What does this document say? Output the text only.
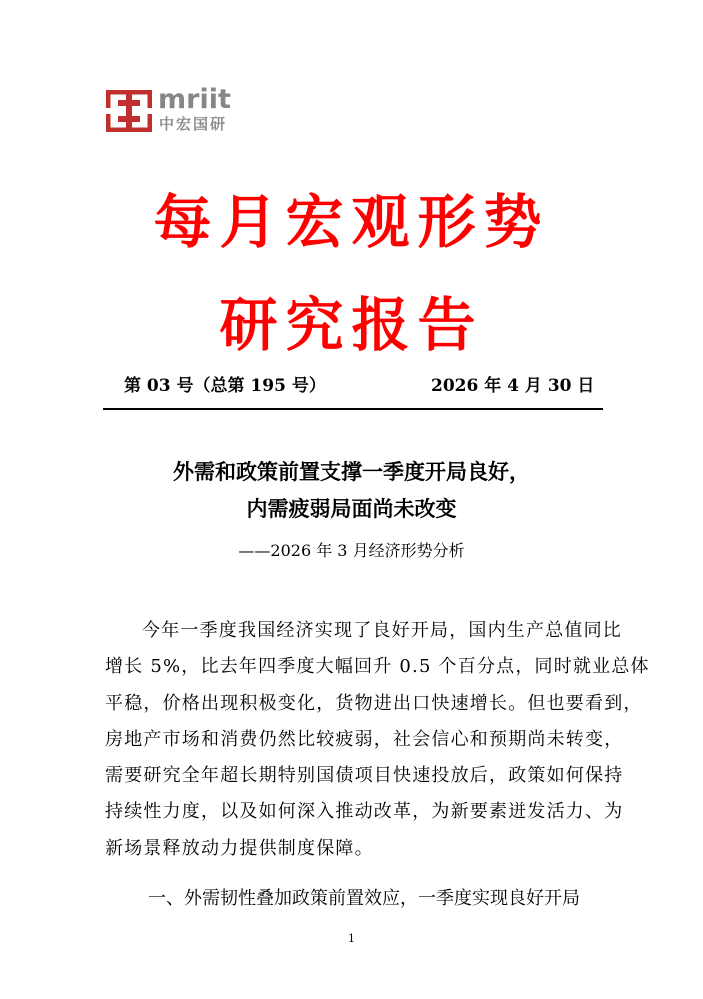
mriit
中宏国研
每月宏观形势
研究报告
第 03 号（总第 195 号）	2026 年 4 月 30 日
外需和政策前置支撑一季度开局良好，
内需疲弱局面尚未改变
——2026 年 3 月经济形势分析
今年一季度我国经济实现了良好开局，国内生产总值同比
增长 5%，比去年四季度大幅回升 0.5 个百分点，同时就业总体
平稳，价格出现积极变化，货物进出口快速增长。但也要看到，
房地产市场和消费仍然比较疲弱，社会信心和预期尚未转变，
需要研究全年超长期特别国债项目快速投放后，政策如何保持
持续性力度，以及如何深入推动改革，为新要素迸发活力、为
新场景释放动力提供制度保障。
一、外需韧性叠加政策前置效应，一季度实现良好开局
1
